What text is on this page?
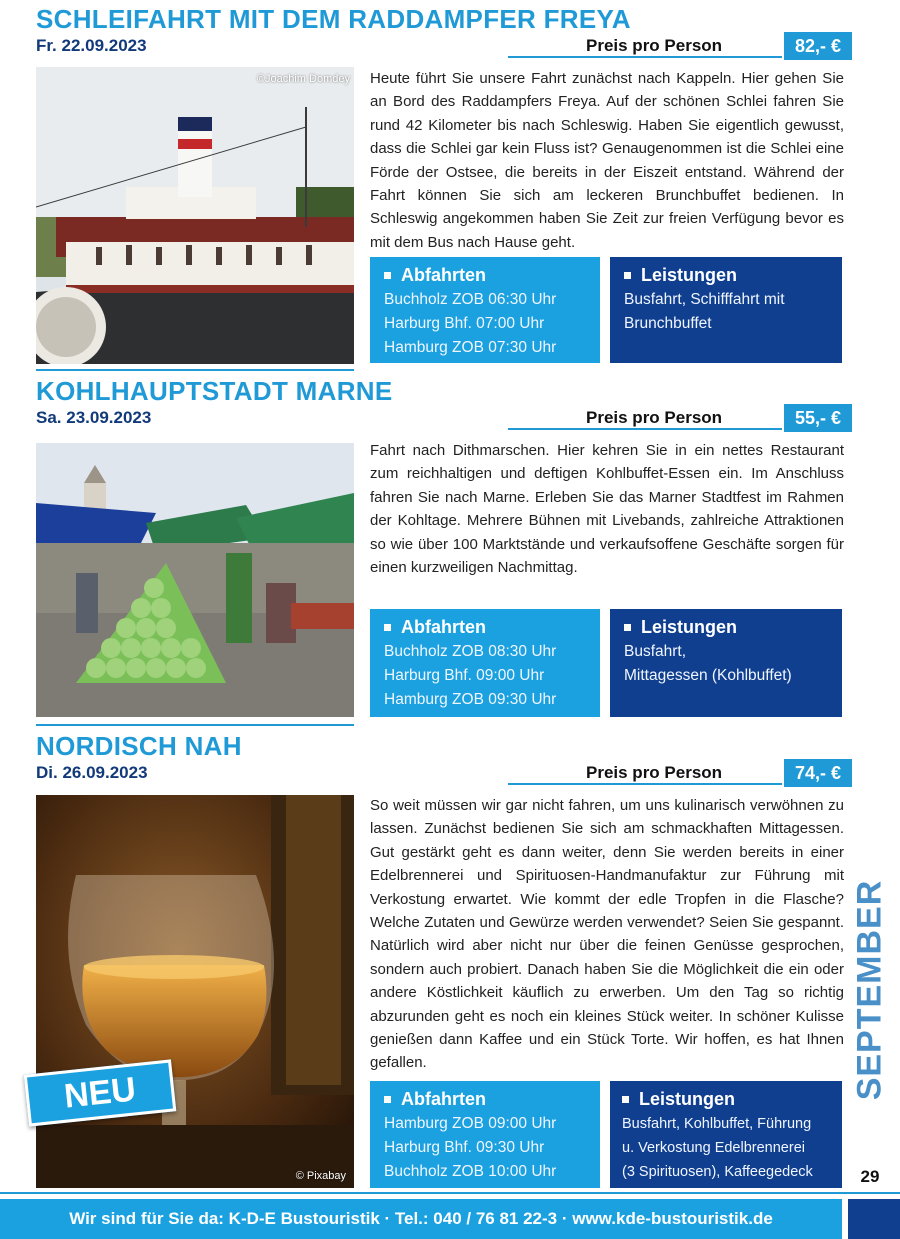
SCHLEIFAHRT MIT DEM RADDAMPFER FREYA
Fr. 22.09.2023	Preis pro Person	82,- €
©Joachim Domdey Heute führt Sie unsere Fahrt zunächst nach Kappeln. Hier gehen Sie an Bord des Raddampfers Freya. Auf der schönen Schlei fahren Sie rund 42 Kilometer bis nach Schleswig. Haben Sie eigentlich gewusst, dass die Schlei gar kein Fluss ist? Genaugenommen ist die Schlei eine Förde der Ostsee, die bereits in der Eiszeit entstand. Während der Fahrt können Sie sich am leckeren Brunchbuffet bedienen. In Schleswig angekommen haben Sie Zeit zur freien Verfügung bevor es mit dem Bus nach Hause geht.
Abfahrten
Buchholz ZOB 06:30 Uhr
Harburg Bhf. 07:00 Uhr
Hamburg ZOB 07:30 Uhr
Leistungen
Busfahrt, Schifffahrt mit
Brunchbuffet
KOHLHAUPTSTADT MARNE
Sa. 23.09.2023	Preis pro Person	55,- €
Fahrt nach Dithmarschen. Hier kehren Sie in ein nettes Restaurant zum reichhaltigen und deftigen Kohlbuffet-Essen ein. Im Anschluss fahren Sie nach Marne. Erleben Sie das Marner Stadtfest im Rahmen der Kohltage. Mehrere Bühnen mit Livebands, zahlreiche Attraktionen so wie über 100 Marktstände und verkaufsoffene Geschäfte sorgen für einen kurzweiligen Nachmittag.
Abfahrten
Buchholz ZOB 08:30 Uhr
Harburg Bhf. 09:00 Uhr
Hamburg ZOB 09:30 Uhr
Leistungen
Busfahrt,
Mittagessen (Kohlbuffet)
NORDISCH NAH
Di. 26.09.2023	Preis pro Person	74,- €
NEU
© Pixabay
So weit müssen wir gar nicht fahren, um uns kulinarisch verwöhnen zu lassen. Zunächst bedienen Sie sich am schmackhaften Mittagessen. Gut gestärkt geht es dann weiter, denn Sie werden bereits in einer Edelbrennerei und Spirituosen-Handmanufaktur zur Führung mit Verkostung erwartet. Wie kommt der edle Tropfen in die Flasche? Welche Zutaten und Gewürze werden verwendet? Seien Sie gespannt. Natürlich wird aber nicht nur über die feinen Genüsse gesprochen, sondern auch probiert. Danach haben Sie die Möglichkeit die ein oder andere Köstlichkeit käuflich zu erwerben. Um den Tag so richtig abzurunden geht es noch ein kleines Stück weiter. In schöner Kulisse genießen dann Kaffee und ein Stück Torte. Wir hoffen, es hat Ihnen gefallen.
Abfahrten
Hamburg ZOB 09:00 Uhr
Harburg Bhf. 09:30 Uhr
Buchholz ZOB 10:00 Uhr
Leistungen
Busfahrt, Kohlbuffet, Führung
u. Verkostung Edelbrennerei
(3 Spirituosen), Kaffeegedeck
SEPTEMBER
29
Wir sind für Sie da: K-D-E Bustouristik · Tel.: 040 / 76 81 22-3 · www.kde-bustouristik.de
